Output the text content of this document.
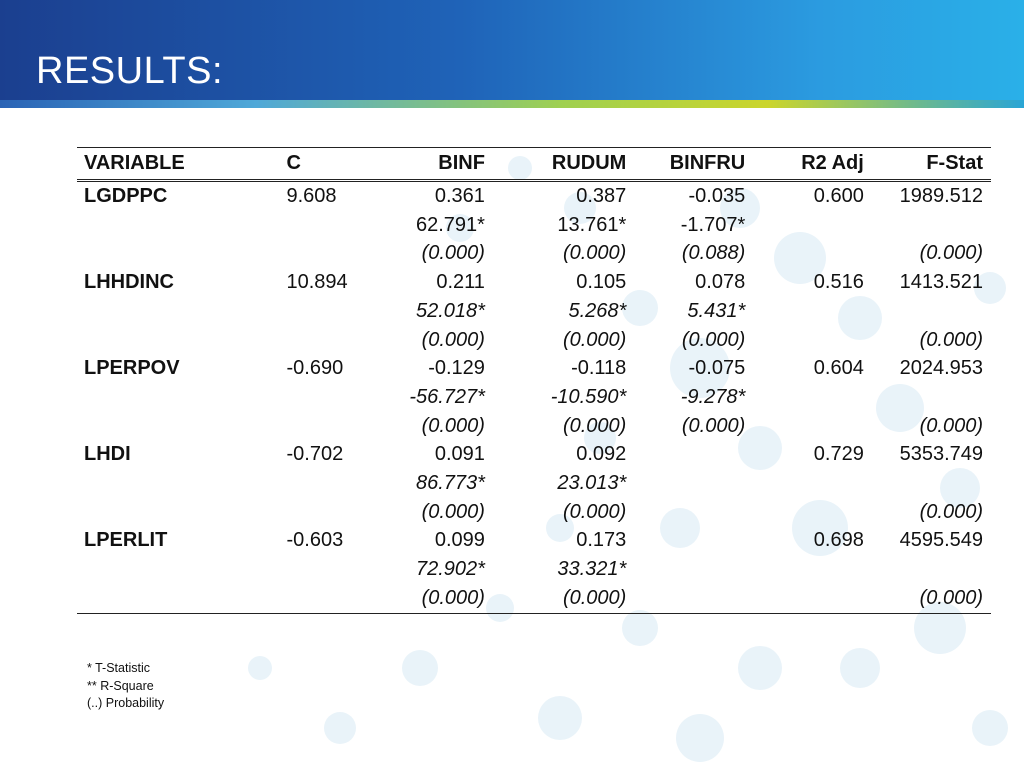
RESULTS:
VARIABLE	C	BINF	RUDUM	BINFRU	R2 Adj	F-Stat
LGDPPC	9.608	0.361	0.387	-0.035	0.600	1989.512
		62.791*	13.761*	-1.707*		
		(0.000)	(0.000)	(0.088)		(0.000)
LHHDINC	10.894	0.211	0.105	0.078	0.516	1413.521
		52.018*	5.268*	5.431*		
		(0.000)	(0.000)	(0.000)		(0.000)
LPERPOV	-0.690	-0.129	-0.118	-0.075	0.604	2024.953
		-56.727*	-10.590*	-9.278*		
		(0.000)	(0.000)	(0.000)		(0.000)
LHDI	-0.702	0.091	0.092		0.729	5353.749
		86.773*	23.013*			
		(0.000)	(0.000)			(0.000)
LPERLIT	-0.603	0.099	0.173		0.698	4595.549
		72.902*	33.321*			
		(0.000)	(0.000)			(0.000)
* T-Statistic
** R-Square
(..) Probability
